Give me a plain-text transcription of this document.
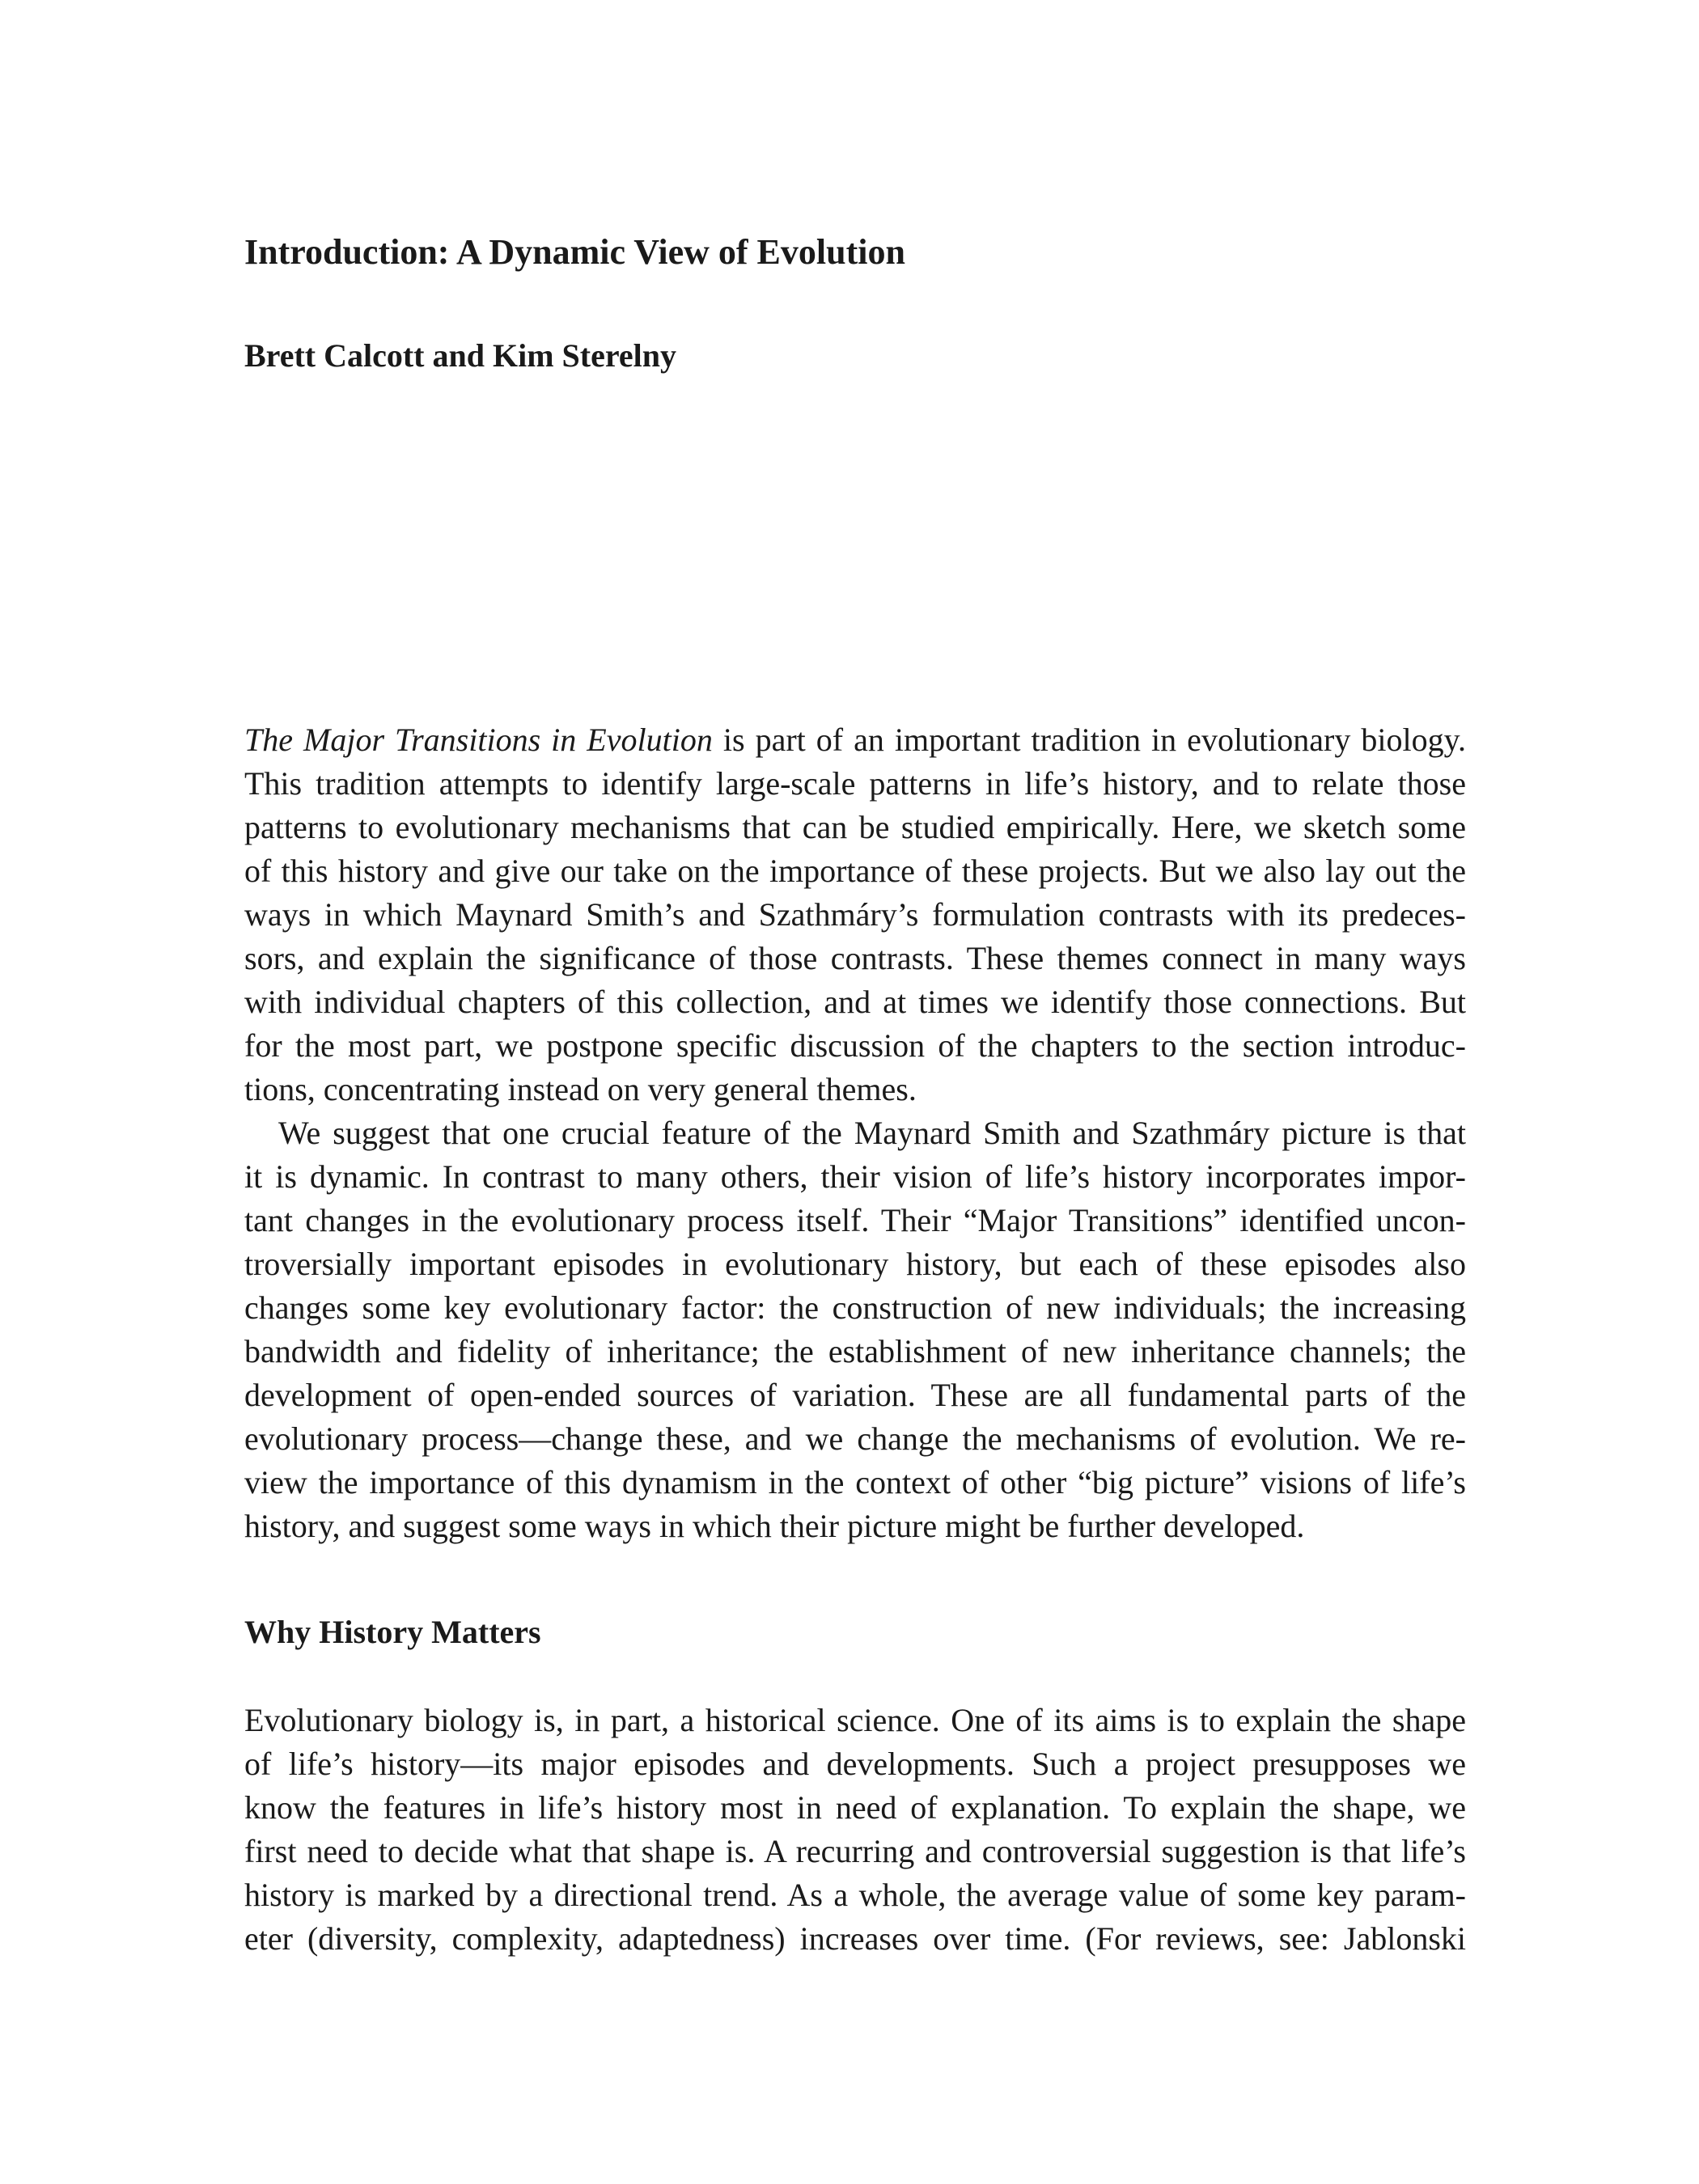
Introduction: A Dynamic View of Evolution
Brett Calcott and Kim Sterelny
The Major Transitions in Evolution is part of an important tradition in evolutionary biology.
This tradition attempts to identify large-scale patterns in life’s history, and to relate those
patterns to evolutionary mechanisms that can be studied empirically. Here, we sketch some
of this history and give our take on the importance of these projects. But we also lay out the
ways in which Maynard Smith’s and Szathmáry’s formulation contrasts with its predeces-
sors, and explain the significance of those contrasts. These themes connect in many ways
with individual chapters of this collection, and at times we identify those connections. But
for the most part, we postpone specific discussion of the chapters to the section introduc-
tions, concentrating instead on very general themes.
We suggest that one crucial feature of the Maynard Smith and Szathmáry picture is that
it is dynamic. In contrast to many others, their vision of life’s history incorporates impor-
tant changes in the evolutionary process itself. Their “Major Transitions” identified uncon-
troversially important episodes in evolutionary history, but each of these episodes also
changes some key evolutionary factor: the construction of new individuals; the increasing
bandwidth and fidelity of inheritance; the establishment of new inheritance channels; the
development of open-ended sources of variation. These are all fundamental parts of the
evolutionary process—change these, and we change the mechanisms of evolution. We re-
view the importance of this dynamism in the context of other “big picture” visions of life’s
history, and suggest some ways in which their picture might be further developed.
Why History Matters
Evolutionary biology is, in part, a historical science. One of its aims is to explain the shape
of life’s history—its major episodes and developments. Such a project presupposes we
know the features in life’s history most in need of explanation. To explain the shape, we
first need to decide what that shape is. A recurring and controversial suggestion is that life’s
history is marked by a directional trend. As a whole, the average value of some key param-
eter (diversity, complexity, adaptedness) increases over time. (For reviews, see: Jablonski
